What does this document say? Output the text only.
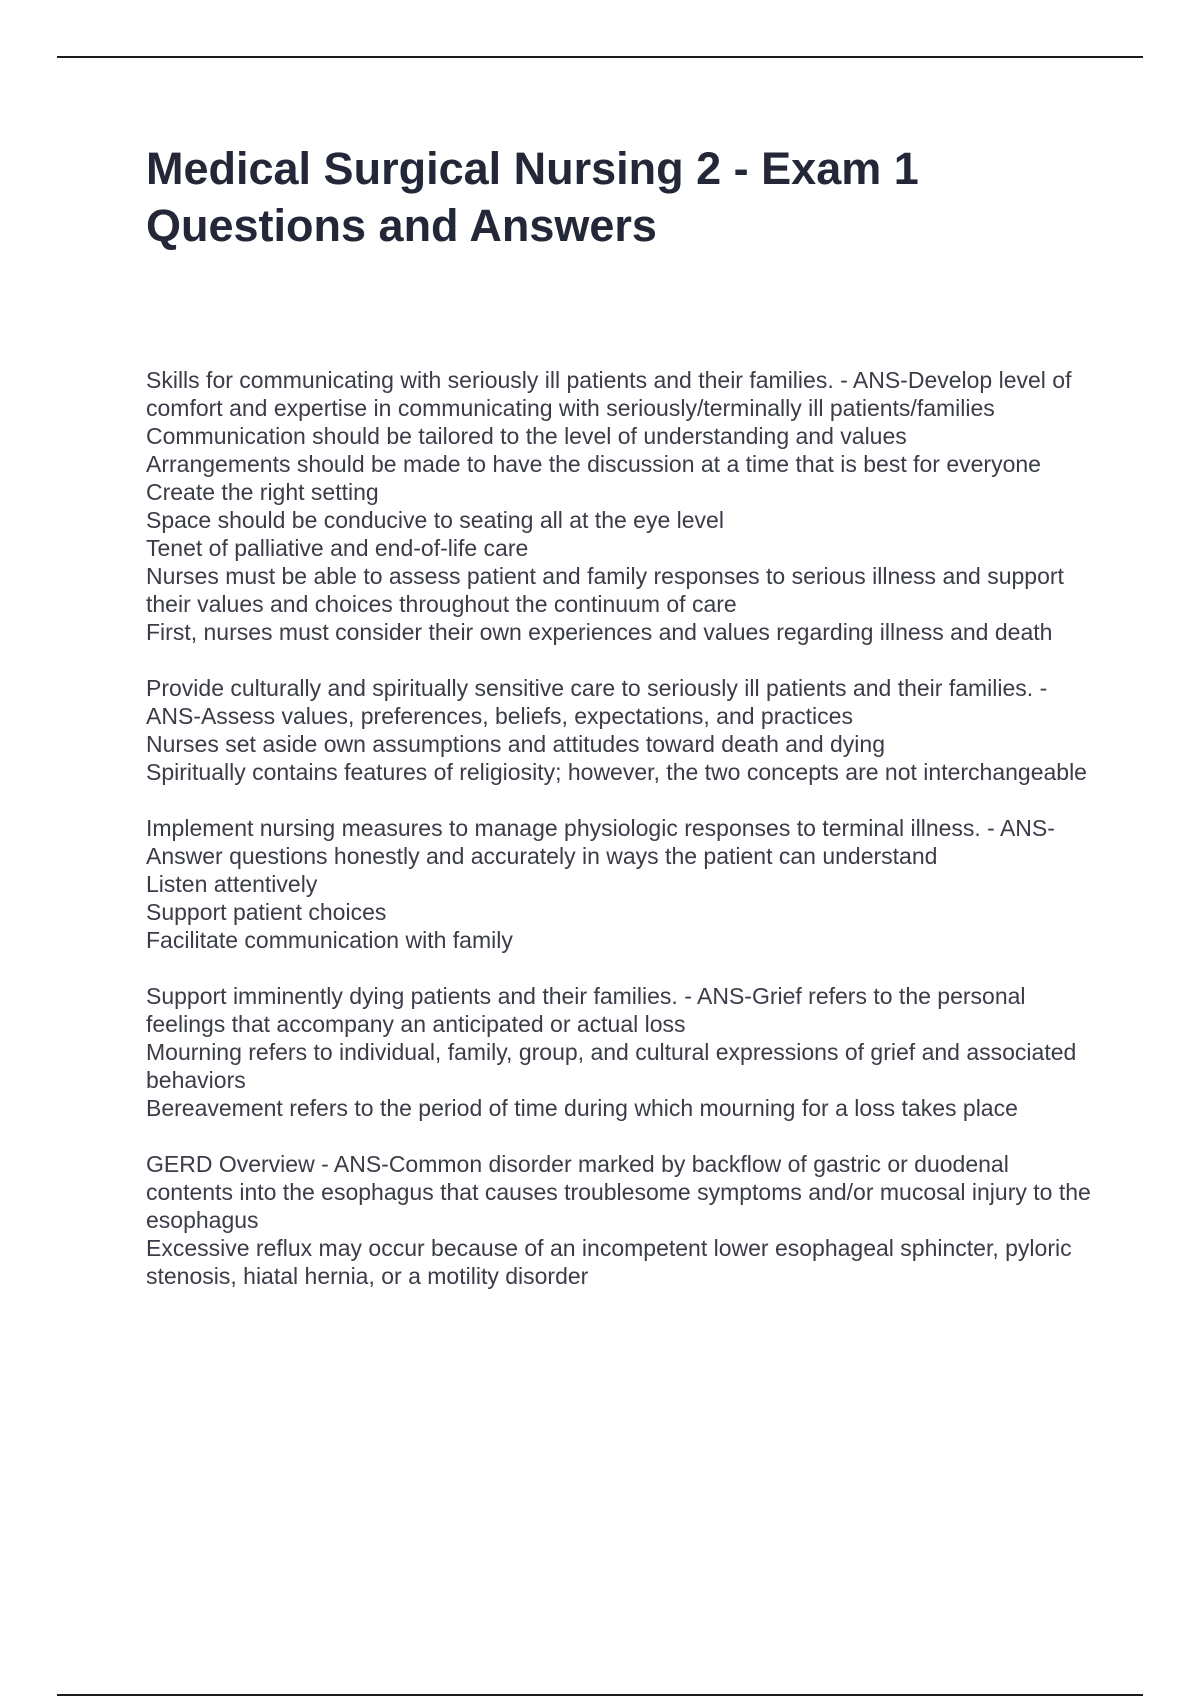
Medical Surgical Nursing 2 - Exam 1
Questions and Answers
Skills for communicating with seriously ill patients and their families. - ANS-Develop level of comfort and expertise in communicating with seriously/terminally ill patients/families
Communication should be tailored to the level of understanding and values
Arrangements should be made to have the discussion at a time that is best for everyone
Create the right setting
Space should be conducive to seating all at the eye level
Tenet of palliative and end-of-life care
Nurses must be able to assess patient and family responses to serious illness and support their values and choices throughout the continuum of care
First, nurses must consider their own experiences and values regarding illness and death
Provide culturally and spiritually sensitive care to seriously ill patients and their families. - ANS-Assess values, preferences, beliefs, expectations, and practices
Nurses set aside own assumptions and attitudes toward death and dying
Spiritually contains features of religiosity; however, the two concepts are not interchangeable
Implement nursing measures to manage physiologic responses to terminal illness. - ANS-Answer questions honestly and accurately in ways the patient can understand
Listen attentively
Support patient choices
Facilitate communication with family
Support imminently dying patients and their families. - ANS-Grief refers to the personal feelings that accompany an anticipated or actual loss
Mourning refers to individual, family, group, and cultural expressions of grief and associated behaviors
Bereavement refers to the period of time during which mourning for a loss takes place
GERD Overview - ANS-Common disorder marked by backflow of gastric or duodenal contents into the esophagus that causes troublesome symptoms and/or mucosal injury to the esophagus
Excessive reflux may occur because of an incompetent lower esophageal sphincter, pyloric stenosis, hiatal hernia, or a motility disorder
